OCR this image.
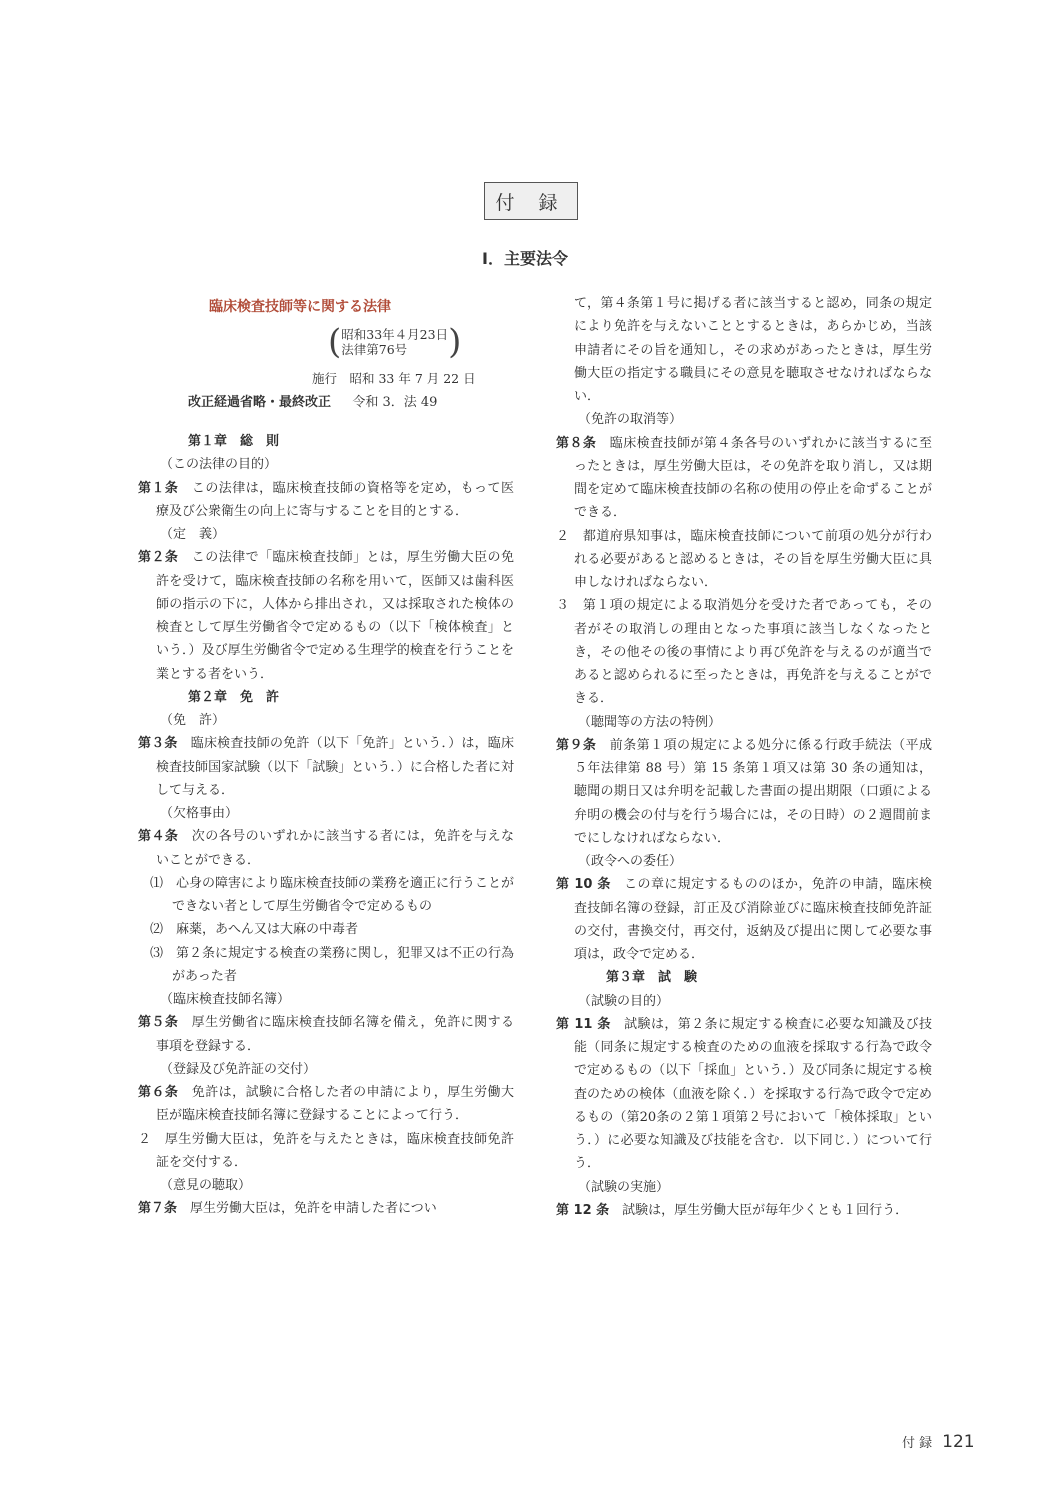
付 録
Ⅰ．主要法令
臨床検査技師等に関する法律
( 昭和33年４月23日
法律第76号	)
施行　昭和 33 年 7 月 22 日
改正経過省略・最終改正 　 令和 3．法 49

第１章　総　則

（この法律の目的）

第１条　 この法律は，臨床検査技師の資格等を定め，もって医療及び公衆衛生の向上に寄与することを目的とする．

（定　義）

第２条　 この法律で「臨床検査技師」とは，厚生労働大臣の免許を受けて，臨床検査技師の名称を用いて，医師又は歯科医師の指示の下に，人体から排出され，又は採取された検体の検査として厚生労働省令で定めるもの（以下「検体検査」という．）及び厚生労働省令で定める生理学的検査を行うことを業とする者をいう．

第２章　免　許

（免　許）

第３条　 臨床検査技師の免許（以下「免許」という．）は，臨床検査技師国家試験（以下「試験」という．）に合格した者に対して与える．

（欠格事由）

第４条　 次の各号のいずれかに該当する者には，免許を与えないことができる．

⑴　心身の障害により臨床検査技師の業務を適正に行うことができない者として厚生労働省令で定めるもの

⑵　麻薬，あへん又は大麻の中毒者

⑶　第２条に規定する検査の業務に関し，犯罪又は不正の行為があった者

（臨床検査技師名簿）

第５条　 厚生労働省に臨床検査技師名簿を備え，免許に関する事項を登録する．

（登録及び免許証の交付）

第６条　 免許は，試験に合格した者の申請により，厚生労働大臣が臨床検査技師名簿に登録することによって行う．

２　厚生労働大臣は，免許を与えたときは，臨床検査技師免許証を交付する．

（意見の聴取）

第７条　 厚生労働大臣は，免許を申請した者につい

て，第４条第１号に掲げる者に該当すると認め，同条の規定により免許を与えないこととするときは，あらかじめ，当該申請者にその旨を通知し，その求めがあったときは，厚生労働大臣の指定する職員にその意見を聴取させなければならない．

（免許の取消等）

第８条　 臨床検査技師が第４条各号のいずれかに該当するに至ったときは，厚生労働大臣は，その免許を取り消し，又は期間を定めて臨床検査技師の名称の使用の停止を命ずることができる．

２　都道府県知事は，臨床検査技師について前項の処分が行われる必要があると認めるときは，その旨を厚生労働大臣に具申しなければならない．

３　第１項の規定による取消処分を受けた者であっても，その者がその取消しの理由となった事項に該当しなくなったとき，その他その後の事情により再び免許を与えるのが適当であると認められるに至ったときは，再免許を与えることができる．

（聴聞等の方法の特例）

第９条　 前条第１項の規定による処分に係る行政手続法（平成５年法律第 88 号）第 15 条第１項又は第 30 条の通知は，聴聞の期日又は弁明を記載した書面の提出期限（口頭による弁明の機会の付与を行う場合には，その日時）の２週間前までにしなければならない．

（政令への委任）

第 10 条　 この章に規定するもののほか，免許の申請，臨床検査技師名簿の登録，訂正及び消除並びに臨床検査技師免許証の交付，書換交付，再交付，返納及び提出に関して必要な事項は，政令で定める．

第３章　試　験

（試験の目的）

第 11 条　 試験は，第２条に規定する検査に必要な知識及び技能（同条に規定する検査のための血液を採取する行為で政令で定めるもの（以下「採血」という．）及び同条に規定する検査のための検体（血液を除く．）を採取する行為で政令で定めるもの（第20条の２第１項第２号において「検体採取」という．）に必要な知識及び技能を含む．以下同じ．）について行う．

（試験の実施）

第 12 条　 試験は，厚生労働大臣が毎年少くとも１回行う．

付 録 121
